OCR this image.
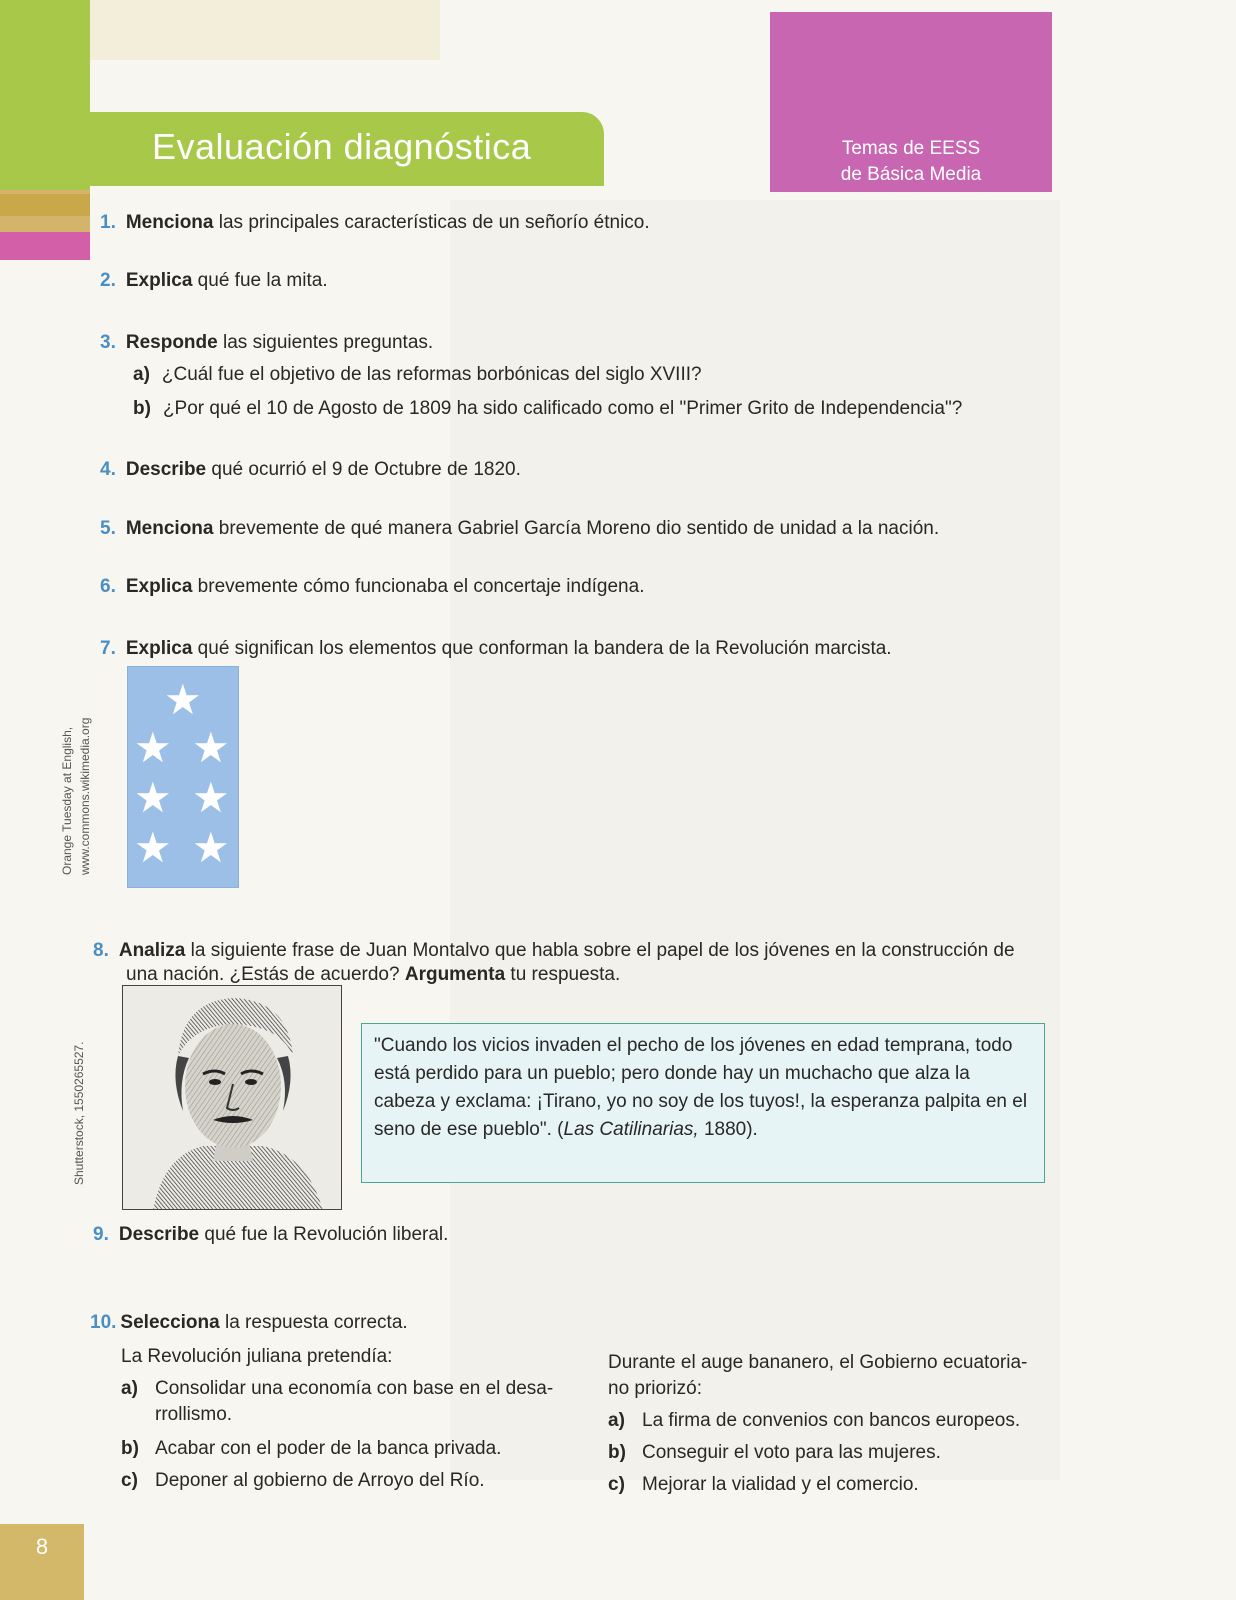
Evaluación diagnóstica	Temas de EESS
de Básica Media
1. Menciona las principales características de un señorío étnico.
2. Explica qué fue la mita.
3. Responde las siguientes preguntas.
a) ¿Cuál fue el objetivo de las reformas borbónicas del siglo XVIII?
b) ¿Por qué el 10 de Agosto de 1809 ha sido calificado como el "Primer Grito de Independencia"?
4. Describe qué ocurrió el 9 de Octubre de 1820.
5. Menciona brevemente de qué manera Gabriel García Moreno dio sentido de unidad a la nación.
6. Explica brevemente cómo funcionaba el concertaje indígena.
7. Explica qué significan los elementos que conforman la bandera de la Revolución marcista.
★
★ ★
★ ★
★ ★
Orange Tuesday at English, www.commons.wikimedia.org
8. Analiza la siguiente frase de Juan Montalvo que habla sobre el papel de los jóvenes en la construcción de
una nación. ¿Estás de acuerdo? Argumenta tu respuesta.
Shutterstock, 1550265527.	"Cuando los vicios invaden el pecho de los jóvenes en edad temprana, todo está perdido para un pueblo; pero donde hay un muchacho que alza la cabeza y exclama: ¡Tirano, yo no soy de los tuyos!, la esperanza palpita en el seno de ese pueblo". (Las Catilinarias, 1880).
9. Describe qué fue la Revolución liberal.
10. Selecciona la respuesta correcta.
La Revolución juliana pretendía:
a) Consolidar una economía con base en el desa-rrollismo.
b) Acabar con el poder de la banca privada.
c) Deponer al gobierno de Arroyo del Río.
Durante el auge bananero, el Gobierno ecuatoria-no priorizó:
a) La firma de convenios con bancos europeos.
b) Conseguir el voto para las mujeres.
c) Mejorar la vialidad y el comercio.
8
